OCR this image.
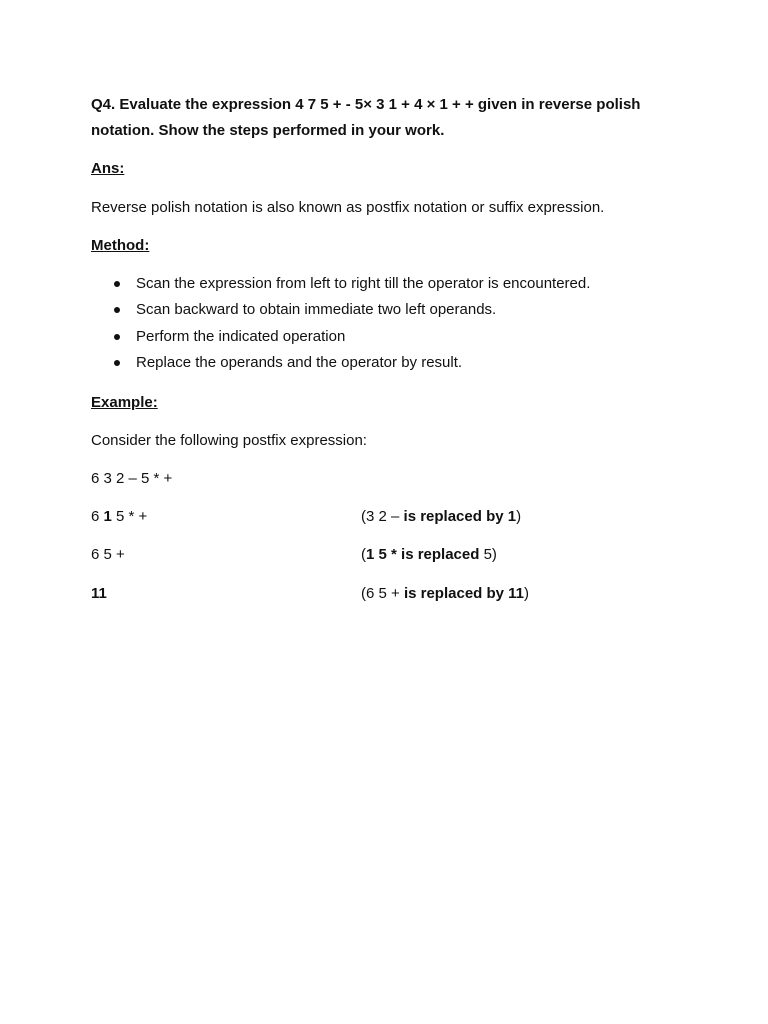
Q4. Evaluate the expression 4 7 5 + - 5× 3 1 + 4 × 1 + + given in reverse polish
notation. Show the steps performed in your work.
Ans:
Reverse polish notation is also known as postfix notation or suffix expression.
Method:
Scan the expression from left to right till the operator is encountered.
Scan backward to obtain immediate two left operands.
Perform the indicated operation
Replace the operands and the operator by result.
Example:
Consider the following postfix expression:
6 3 2 – 5 * +
6 1 5 * +	(3 2 – is replaced by 1)
6 5 +	(1 5 * is replaced 5)
11	(6 5 + is replaced by 11)
